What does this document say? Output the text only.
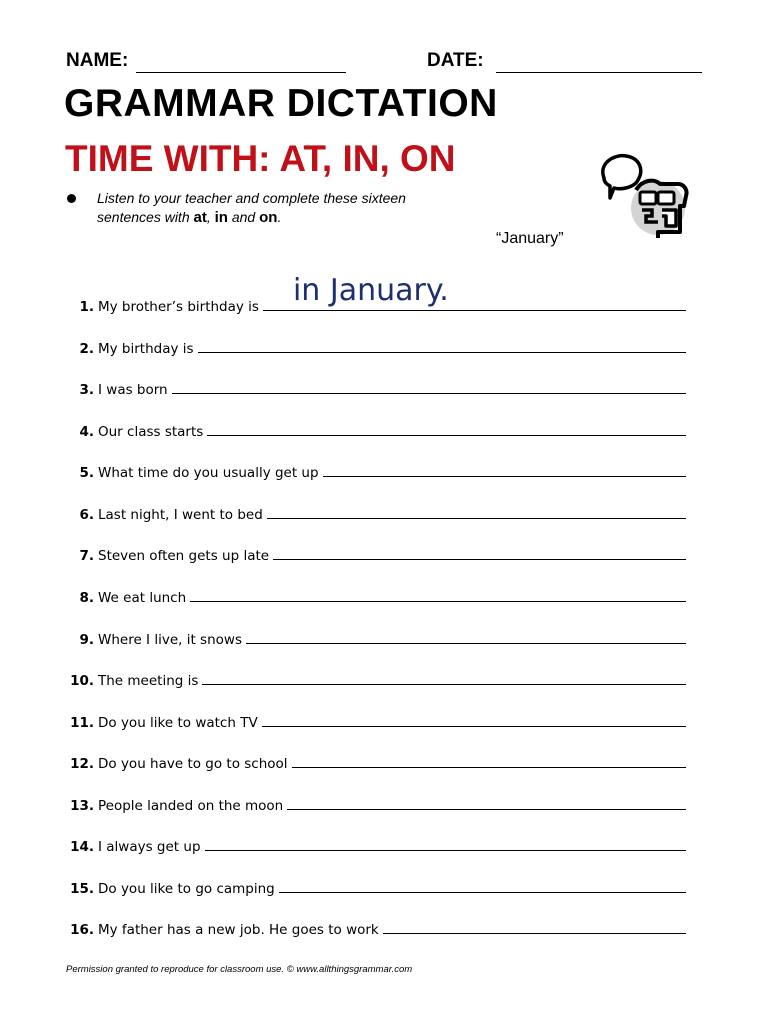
NAME:	DATE:
GRAMMAR DICTATION
TIME WITH: AT, IN, ON
Listen to your teacher and complete these sixteen
sentences with at, in and on.
“January”
1. My brother’s birthday is in January.
2. My birthday is
3. I was born
4. Our class starts
5. What time do you usually get up
6. Last night, I went to bed
7. Steven often gets up late
8. We eat lunch
9. Where I live, it snows
10. The meeting is
11. Do you like to watch TV
12. Do you have to go to school
13. People landed on the moon
14. I always get up
15. Do you like to go camping
16. My father has a new job. He goes to work
Permission granted to reproduce for classroom use. © www.allthingsgrammar.com
